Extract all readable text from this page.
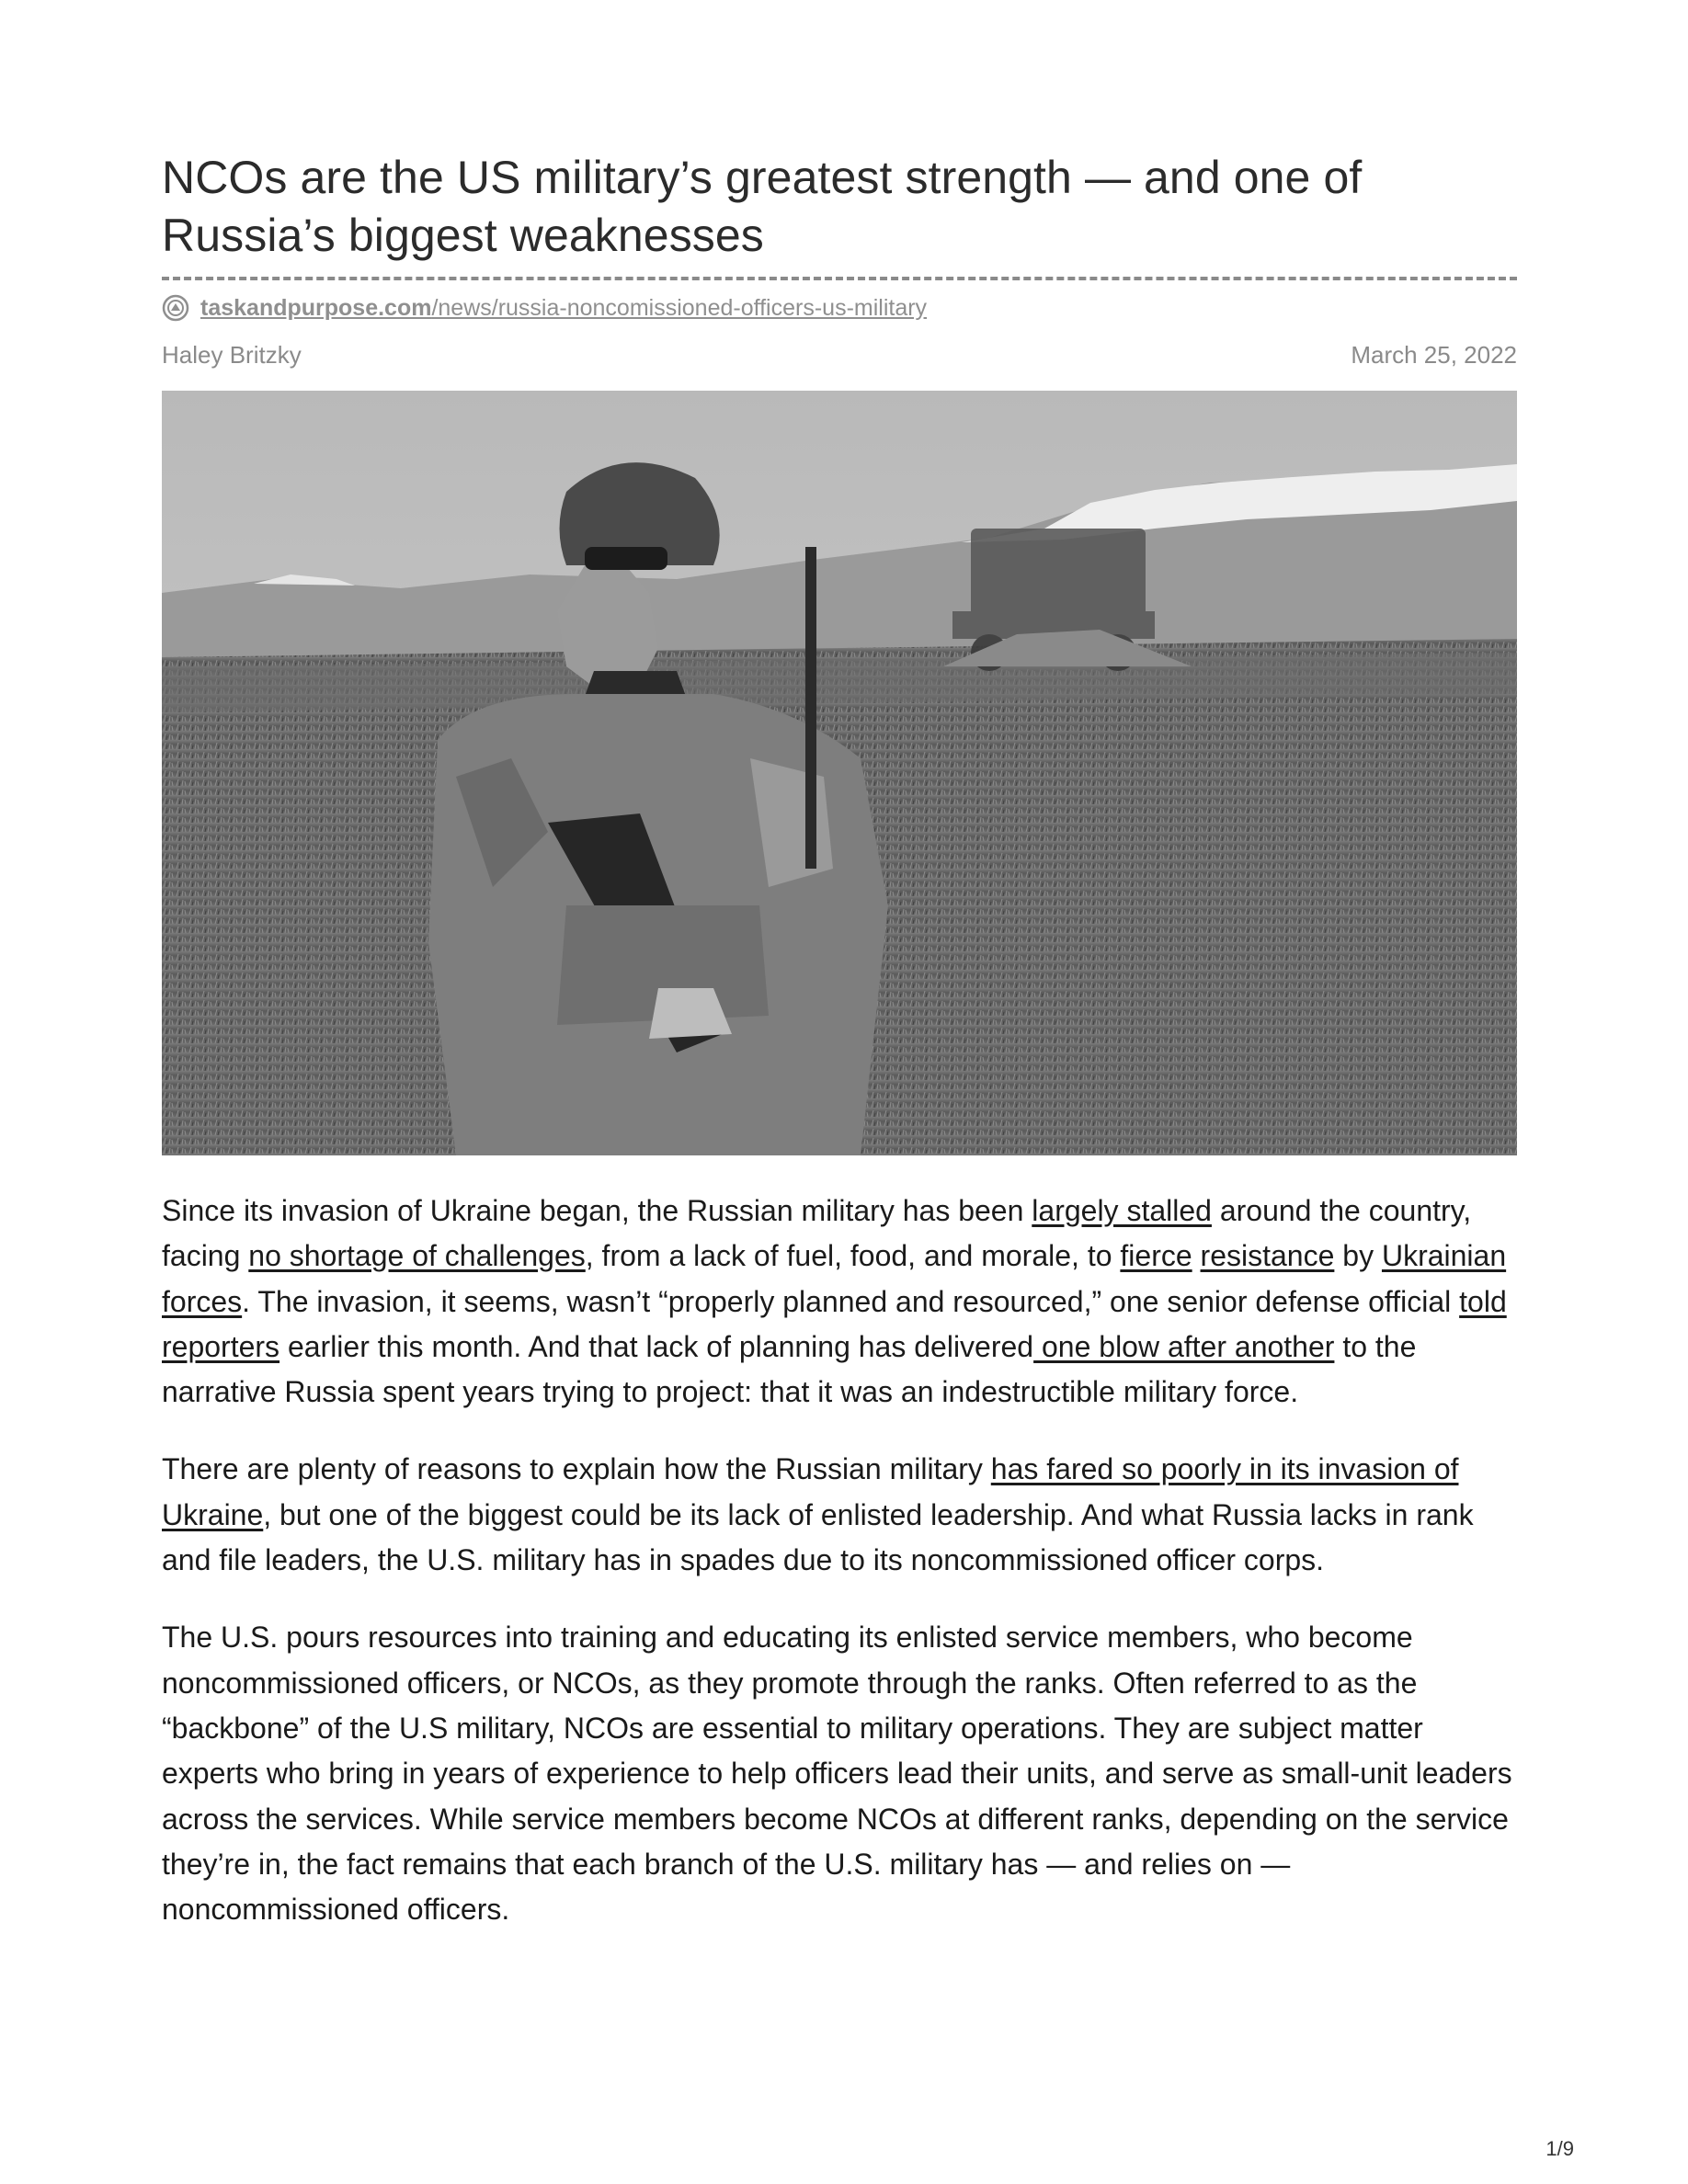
NCOs are the US military’s greatest strength — and one of
Russia’s biggest weaknesses
taskandpurpose.com/news/russia-noncomissioned-officers-us-military
Haley Britzky	March 25, 2022

Since its invasion of Ukraine began, the Russian military has been largely stalled around the country, facing no shortage of challenges, from a lack of fuel, food, and morale, to fierce resistance by Ukrainian forces. The invasion, it seems, wasn’t “properly planned and resourced,” one senior defense official told reporters earlier this month. And that lack of planning has delivered one blow after another to the narrative Russia spent years trying to project: that it was an indestructible military force.

There are plenty of reasons to explain how the Russian military has fared so poorly in its invasion of Ukraine, but one of the biggest could be its lack of enlisted leadership. And what Russia lacks in rank and file leaders, the U.S. military has in spades due to its noncommissioned officer corps.

The U.S. pours resources into training and educating its enlisted service members, who become noncommissioned officers, or NCOs, as they promote through the ranks. Often referred to as the “backbone” of the U.S military, NCOs are essential to military operations. They are subject matter experts who bring in years of experience to help officers lead their units, and serve as small-unit leaders across the services. While service members become NCOs at different ranks, depending on the service they’re in, the fact remains that each branch of the U.S. military has — and relies on — noncommissioned officers.

1/9
